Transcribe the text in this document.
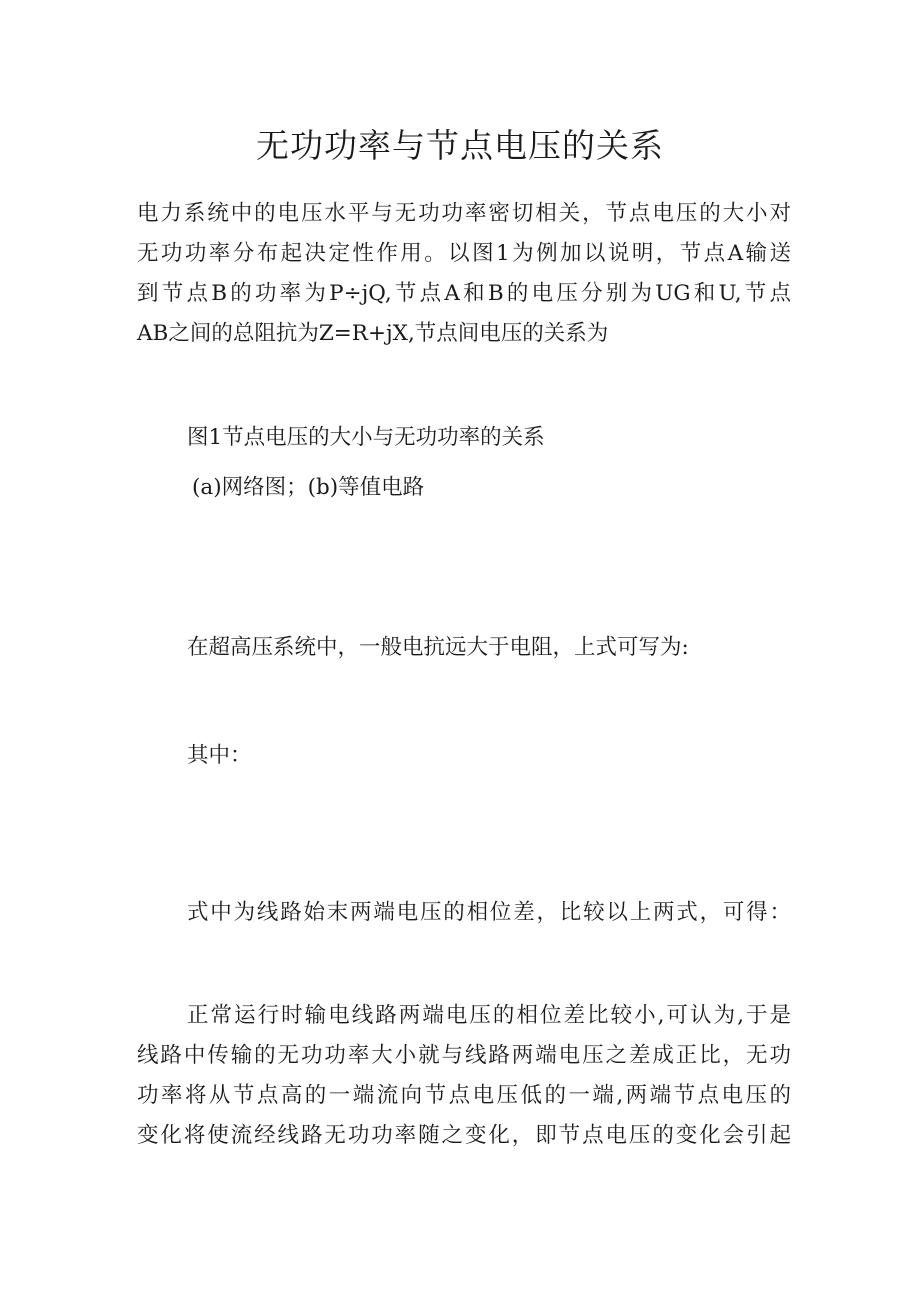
无功功率与节点电压的关系

电力系统中的电压水平与无功功率密切相关，节点电压的大小对

无功功率分布起决定性作用。以图1为例加以说明，节点A输送

到节点B的功率为P÷jQ,节点A和B的电压分别为UG和U,节点

AB之间的总阻抗为Z=R+jX,节点间电压的关系为

图1节点电压的大小与无功功率的关系

(a)网络图；(b)等值电路

在超高压系统中，一般电抗远大于电阻，上式可写为:

其中：

式中为线路始末两端电压的相位差，比较以上两式，可得：

正常运行时输电线路两端电压的相位差比较小,可认为,于是

线路中传输的无功功率大小就与线路两端电压之差成正比，无功

功率将从节点高的一端流向节点电压低的一端,两端节点电压的

变化将使流经线路无功功率随之变化，即节点电压的变化会引起
